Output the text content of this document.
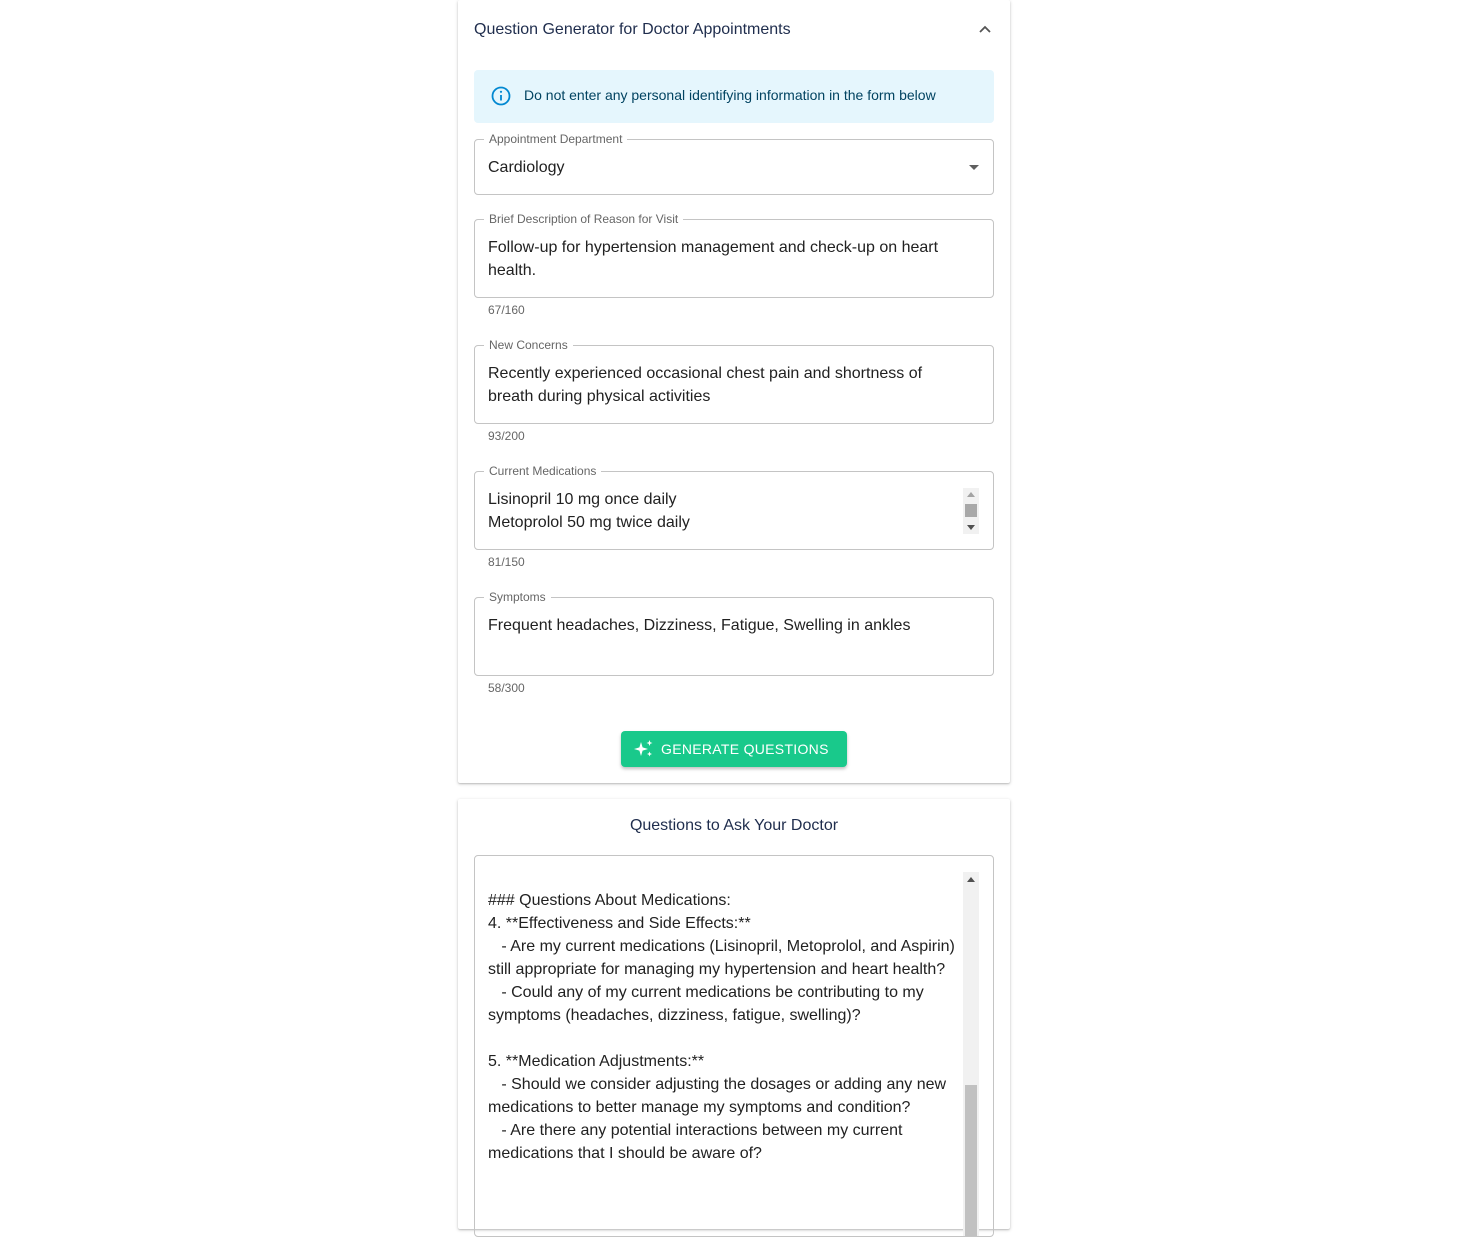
Question Generator for Doctor Appointments
Do not enter any personal identifying information in the form below
Appointment Department
Cardiology
Brief Description of Reason for Visit
Follow-up for hypertension management and check-up on heart health.
67/160
New Concerns
Recently experienced occasional chest pain and shortness of breath during physical activities
93/200
Current Medications
Lisinopril 10 mg once daily
Metoprolol 50 mg twice daily
81/150
Symptoms
Frequent headaches, Dizziness, Fatigue, Swelling in ankles
58/300
GENERATE QUESTIONS
Questions to Ask Your Doctor
### Questions About Medications:
4. **Effectiveness and Side Effects:**
- Are my current medications (Lisinopril, Metoprolol, and Aspirin) still appropriate for managing my hypertension and heart health?
- Could any of my current medications be contributing to my symptoms (headaches, dizziness, fatigue, swelling)?

5. **Medication Adjustments:**
- Should we consider adjusting the dosages or adding any new medications to better manage my symptoms and condition?
- Are there any potential interactions between my current medications that I should be aware of?
